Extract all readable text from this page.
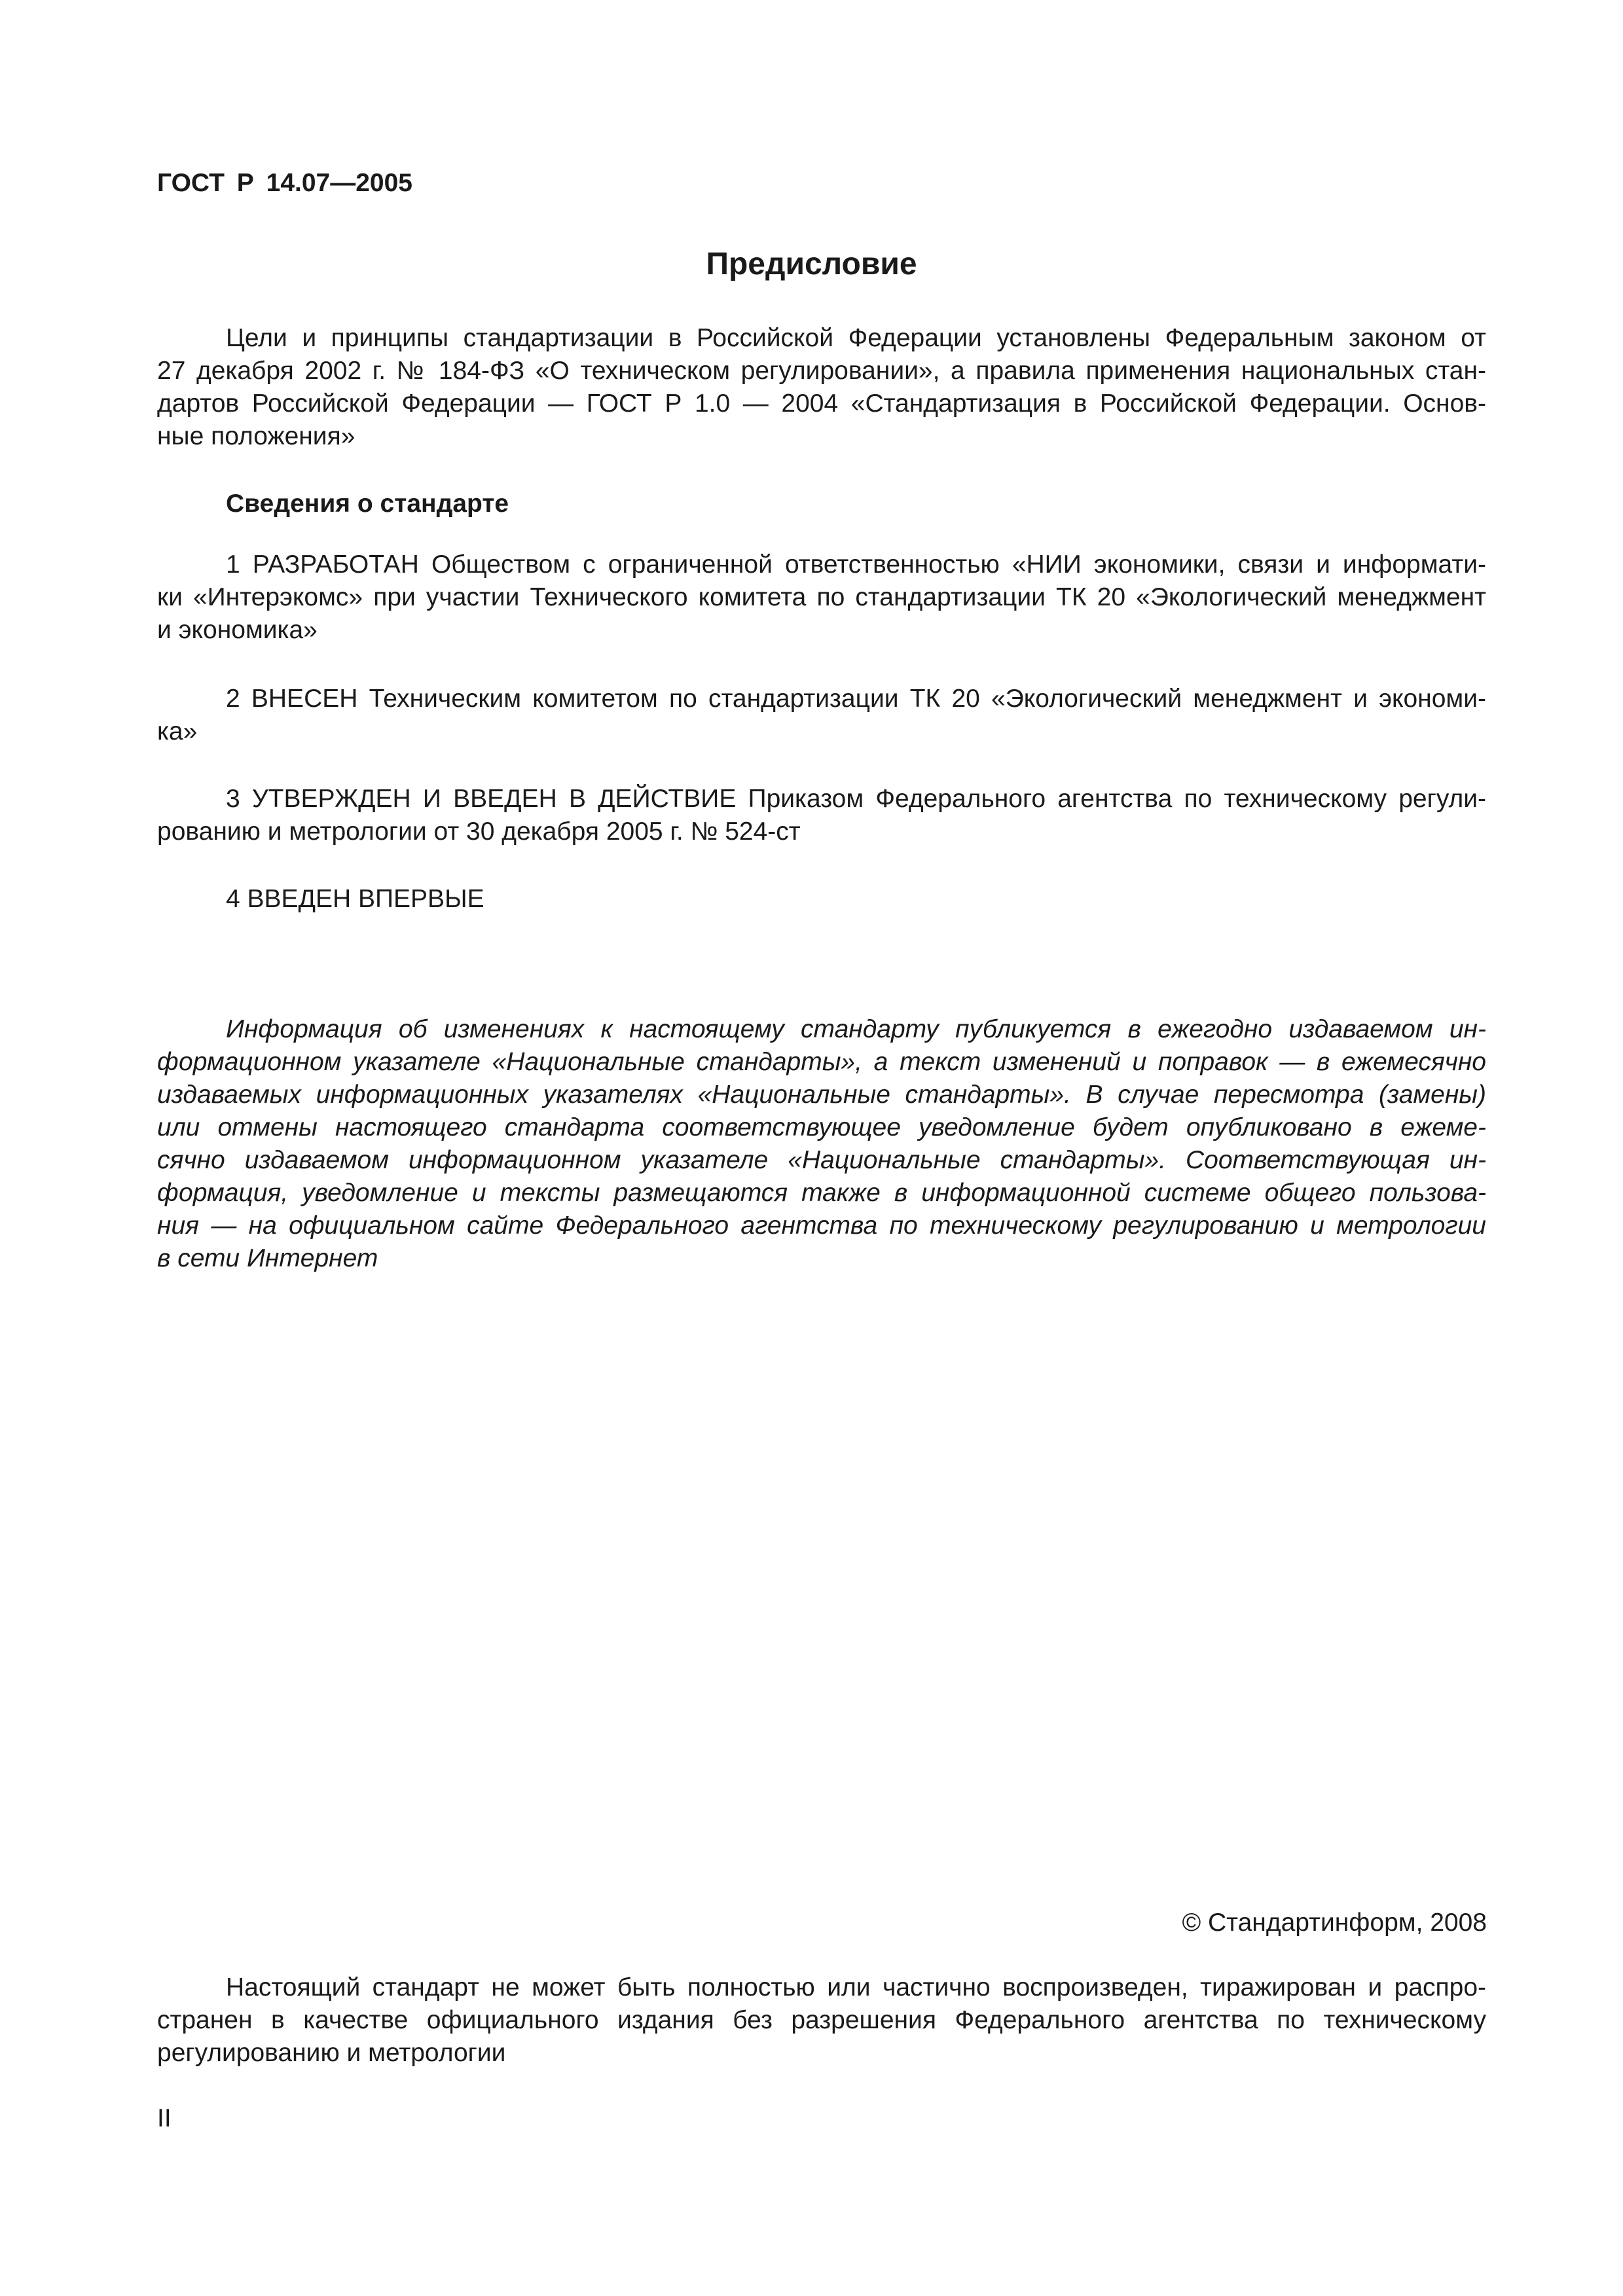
ГОСТ Р 14.07—2005
Предисловие
Цели и принципы стандартизации в Российской Федерации установлены Федеральным законом от
27 декабря 2002 г. № 184-ФЗ «О техническом регулировании», а правила применения национальных стан-
дартов Российской Федерации — ГОСТ Р 1.0 — 2004 «Стандартизация в Российской Федерации. Основ-
ные положения»
Сведения о стандарте
1 РАЗРАБОТАН Обществом с ограниченной ответственностью «НИИ экономики, связи и информати-
ки «Интерэкомс» при участии Технического комитета по стандартизации ТК 20 «Экологический менеджмент
и экономика»
2 ВНЕСЕН Техническим комитетом по стандартизации ТК 20 «Экологический менеджмент и экономи-
ка»
3 УТВЕРЖДЕН И ВВЕДЕН В ДЕЙСТВИЕ Приказом Федерального агентства по техническому регули-
рованию и метрологии от 30 декабря 2005 г. № 524-ст
4 ВВЕДЕН ВПЕРВЫЕ
Информация об изменениях к настоящему стандарту публикуется в ежегодно издаваемом ин-
формационном указателе «Национальные стандарты», а текст изменений и поправок — в ежемесячно
издаваемых информационных указателях «Национальные стандарты». В случае пересмотра (замены)
или отмены настоящего стандарта соответствующее уведомление будет опубликовано в ежеме-
сячно издаваемом информационном указателе «Национальные стандарты». Соответствующая ин-
формация, уведомление и тексты размещаются также в информационной системе общего пользова-
ния — на официальном сайте Федерального агентства по техническому регулированию и метрологии
в сети Интернет
© Стандартинформ, 2008
Настоящий стандарт не может быть полностью или частично воспроизведен, тиражирован и распро-
странен в качестве официального издания без разрешения Федерального агентства по техническому
регулированию и метрологии
II
